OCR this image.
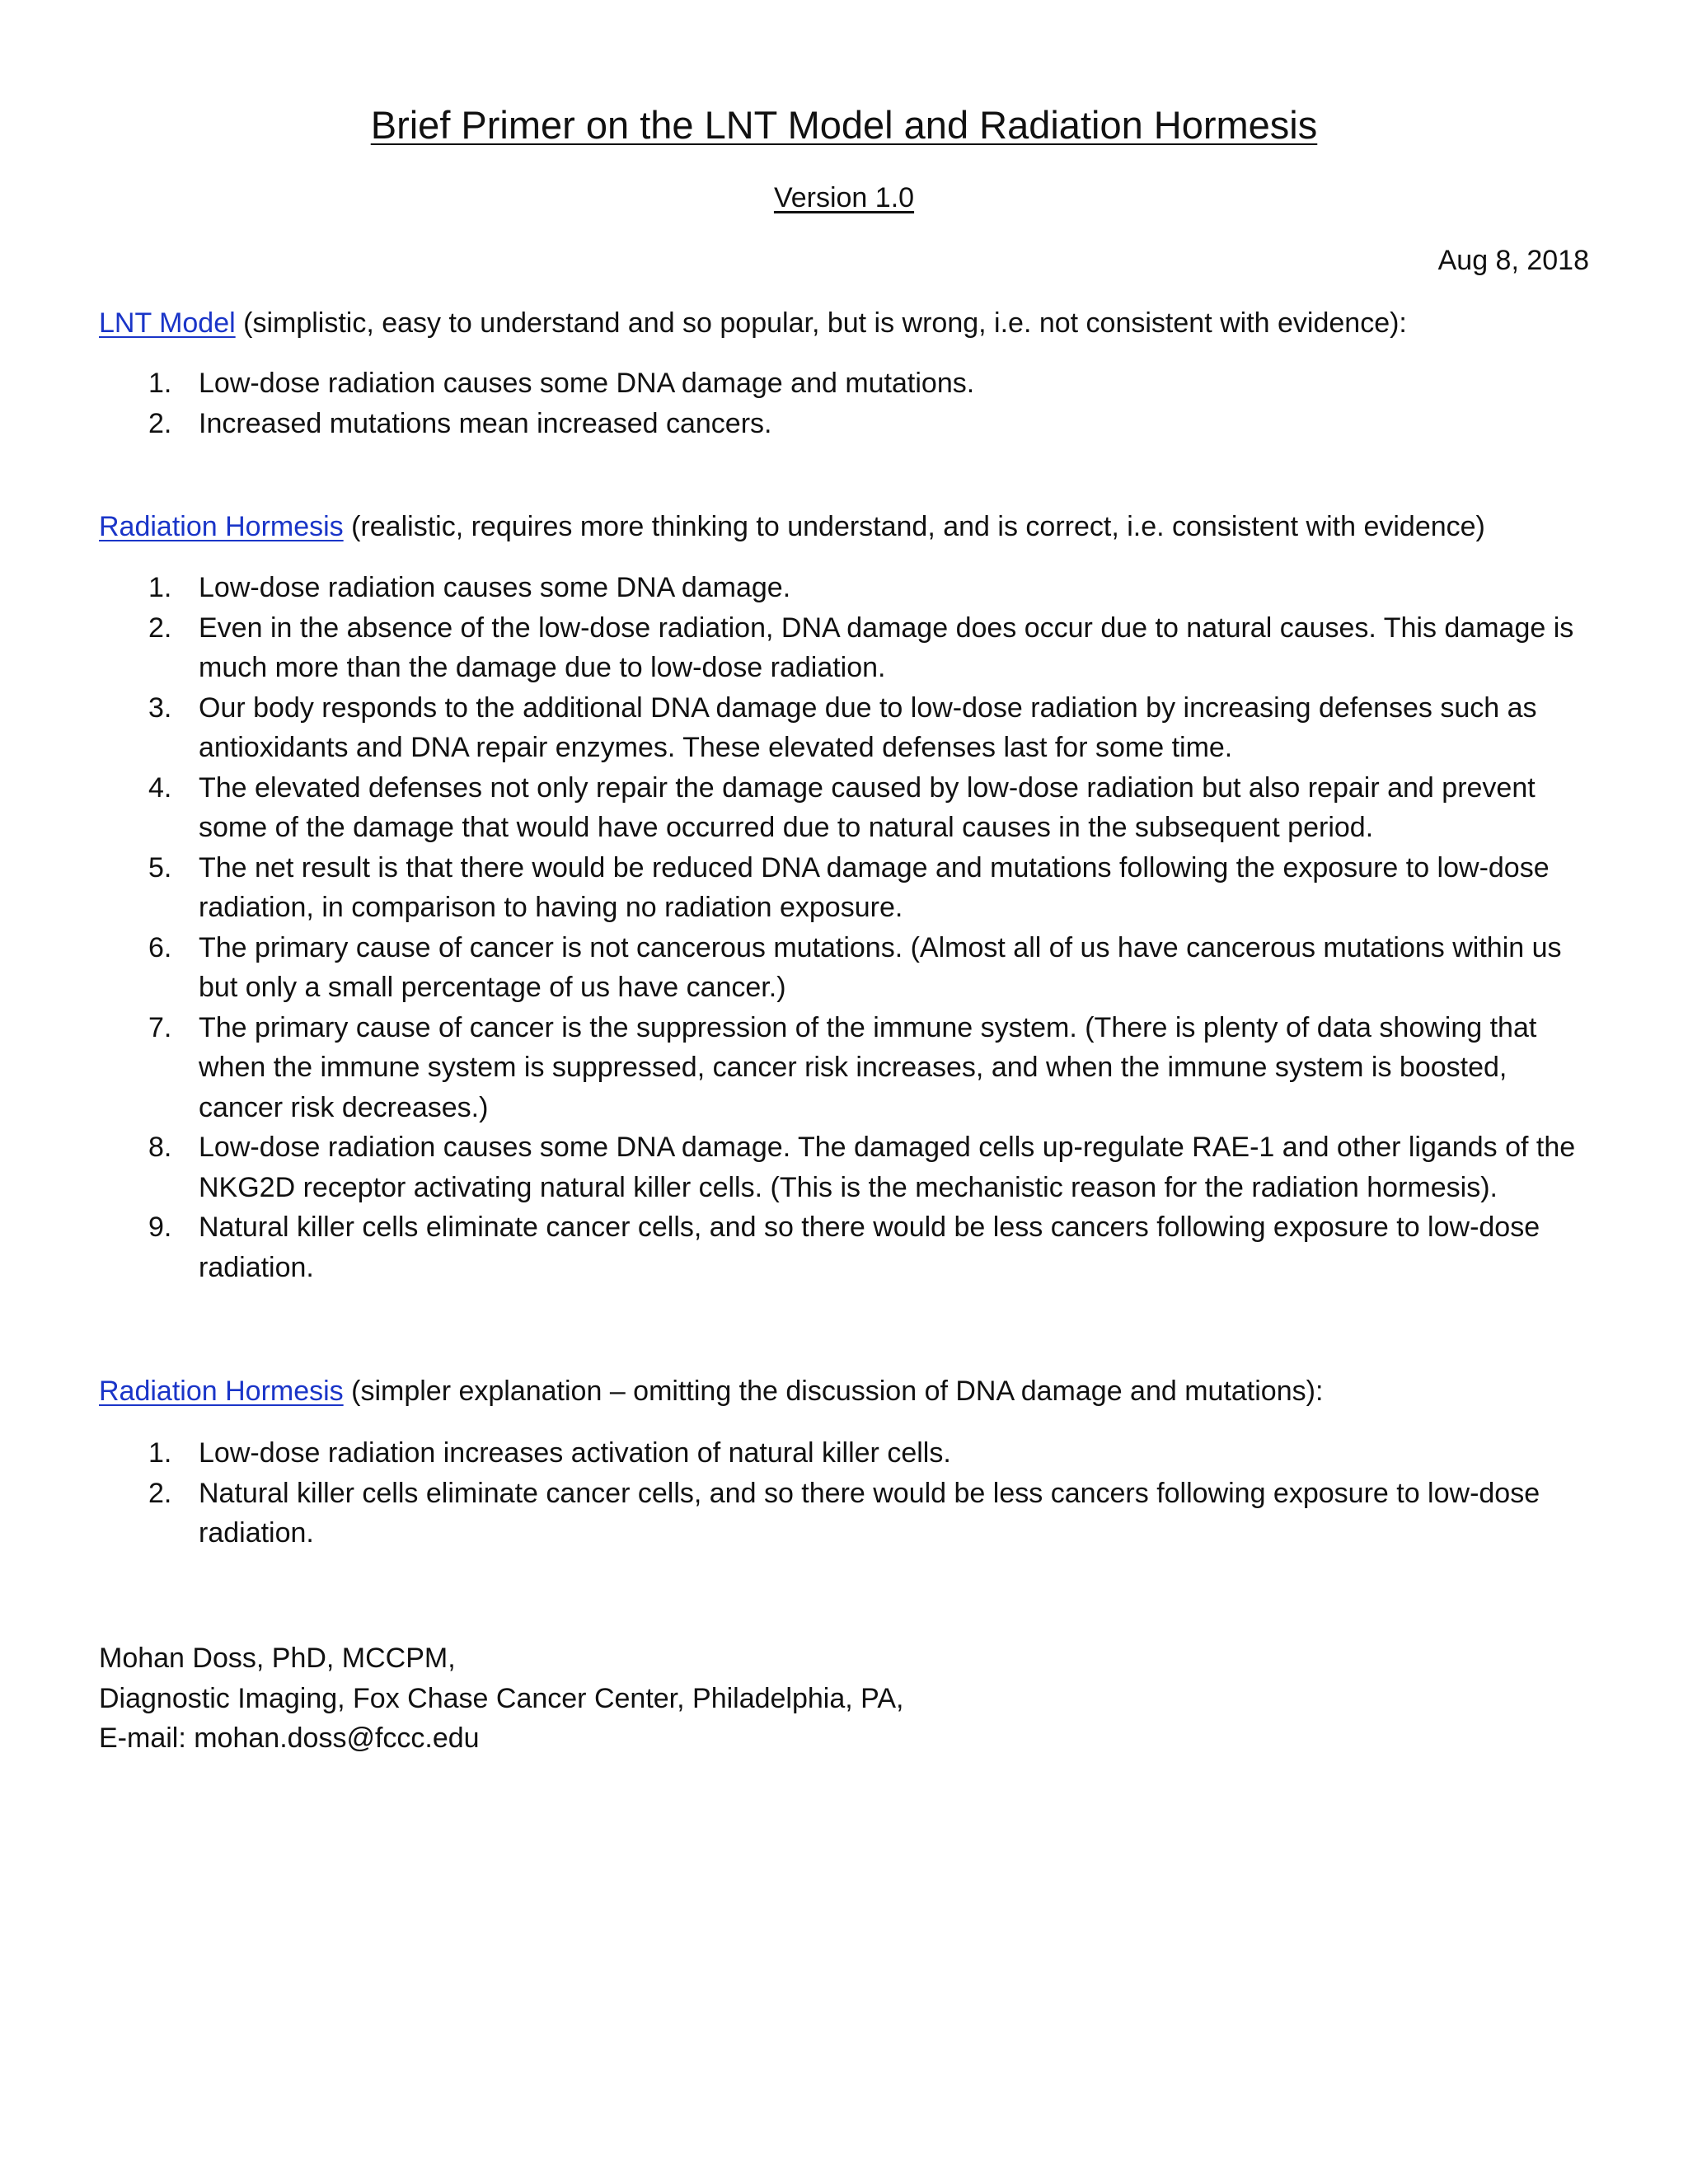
Brief Primer on the LNT Model and Radiation Hormesis
Version 1.0
Aug 8, 2018
LNT Model (simplistic, easy to understand and so popular, but is wrong, i.e. not consistent with evidence):
1. Low-dose radiation causes some DNA damage and mutations.
2. Increased mutations mean increased cancers.
Radiation Hormesis (realistic, requires more thinking to understand, and is correct, i.e. consistent with evidence)
1. Low-dose radiation causes some DNA damage.
2. Even in the absence of the low-dose radiation, DNA damage does occur due to natural causes. This damage is much more than the damage due to low-dose radiation.
3. Our body responds to the additional DNA damage due to low-dose radiation by increasing defenses such as antioxidants and DNA repair enzymes. These elevated defenses last for some time.
4. The elevated defenses not only repair the damage caused by low-dose radiation but also repair and prevent some of the damage that would have occurred due to natural causes in the subsequent period.
5. The net result is that there would be reduced DNA damage and mutations following the exposure to low-dose radiation, in comparison to having no radiation exposure.
6. The primary cause of cancer is not cancerous mutations. (Almost all of us have cancerous mutations within us but only a small percentage of us have cancer.)
7. The primary cause of cancer is the suppression of the immune system. (There is plenty of data showing that when the immune system is suppressed, cancer risk increases, and when the immune system is boosted, cancer risk decreases.)
8. Low-dose radiation causes some DNA damage. The damaged cells up-regulate RAE-1 and other ligands of the NKG2D receptor activating natural killer cells. (This is the mechanistic reason for the radiation hormesis).
9. Natural killer cells eliminate cancer cells, and so there would be less cancers following exposure to low-dose radiation.
Radiation Hormesis (simpler explanation – omitting the discussion of DNA damage and mutations):
1. Low-dose radiation increases activation of natural killer cells.
2. Natural killer cells eliminate cancer cells, and so there would be less cancers following exposure to low-dose radiation.
Mohan Doss, PhD, MCCPM,
Diagnostic Imaging, Fox Chase Cancer Center, Philadelphia, PA,
E-mail: mohan.doss@fccc.edu
